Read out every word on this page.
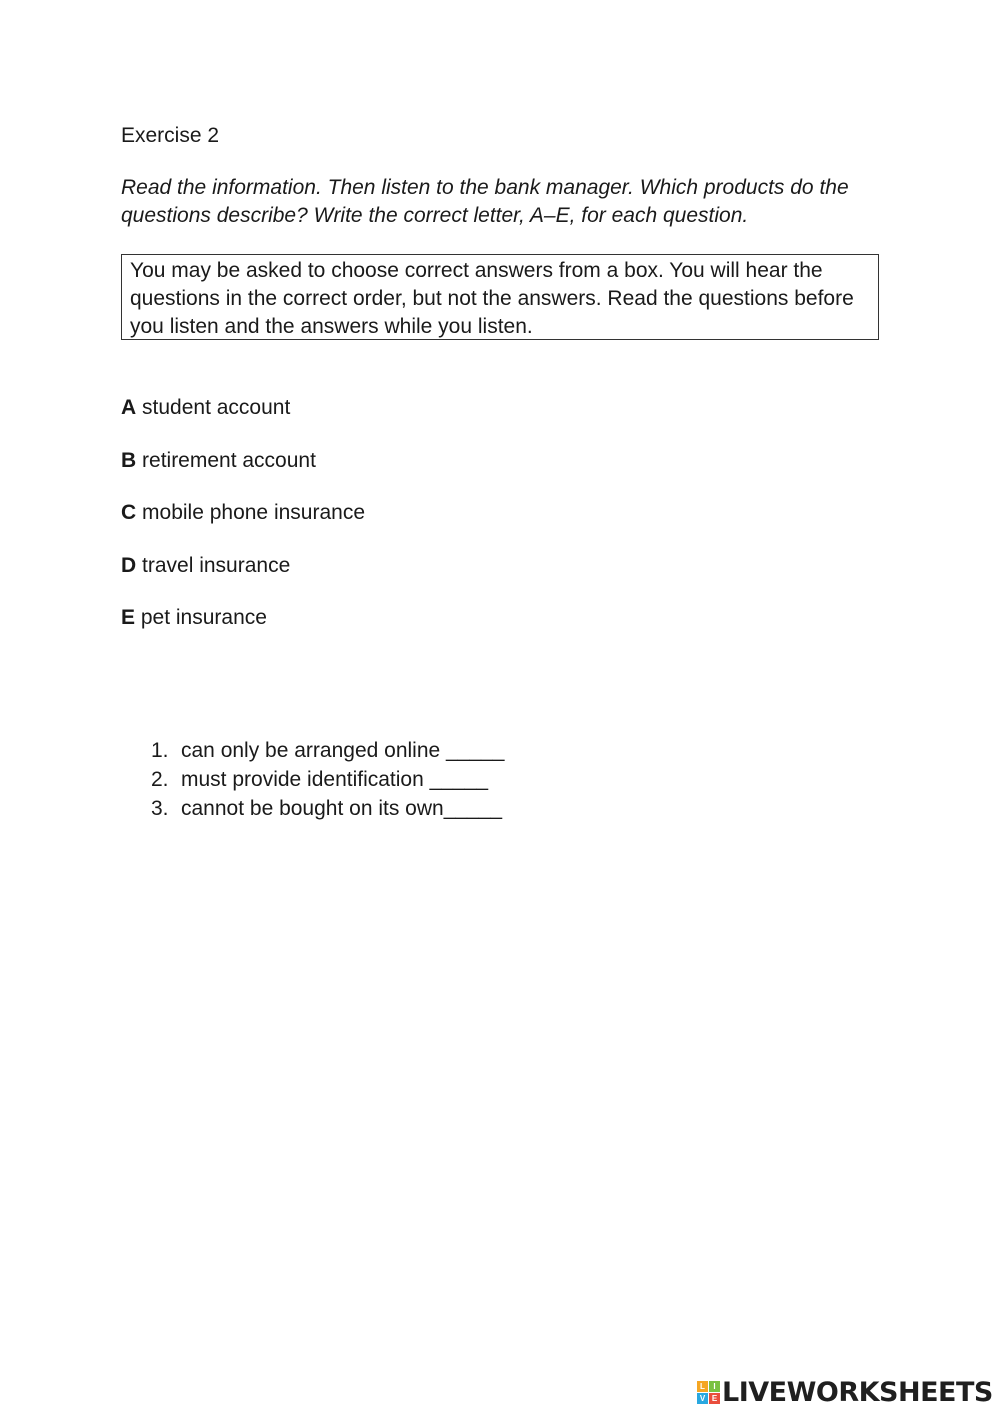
Exercise 2
Read the information. Then listen to the bank manager. Which products do the questions describe? Write the correct letter, A–E, for each question.
You may be asked to choose correct answers from a box. You will hear the questions in the correct order, but not the answers. Read the questions before you listen and the answers while you listen.
A student account
B retirement account
C mobile phone insurance
D travel insurance
E pet insurance
1. can only be arranged online _____
2. must provide identification _____
3. cannot be bought on its own_____
L	I
V E LIVEWORKSHEETS
